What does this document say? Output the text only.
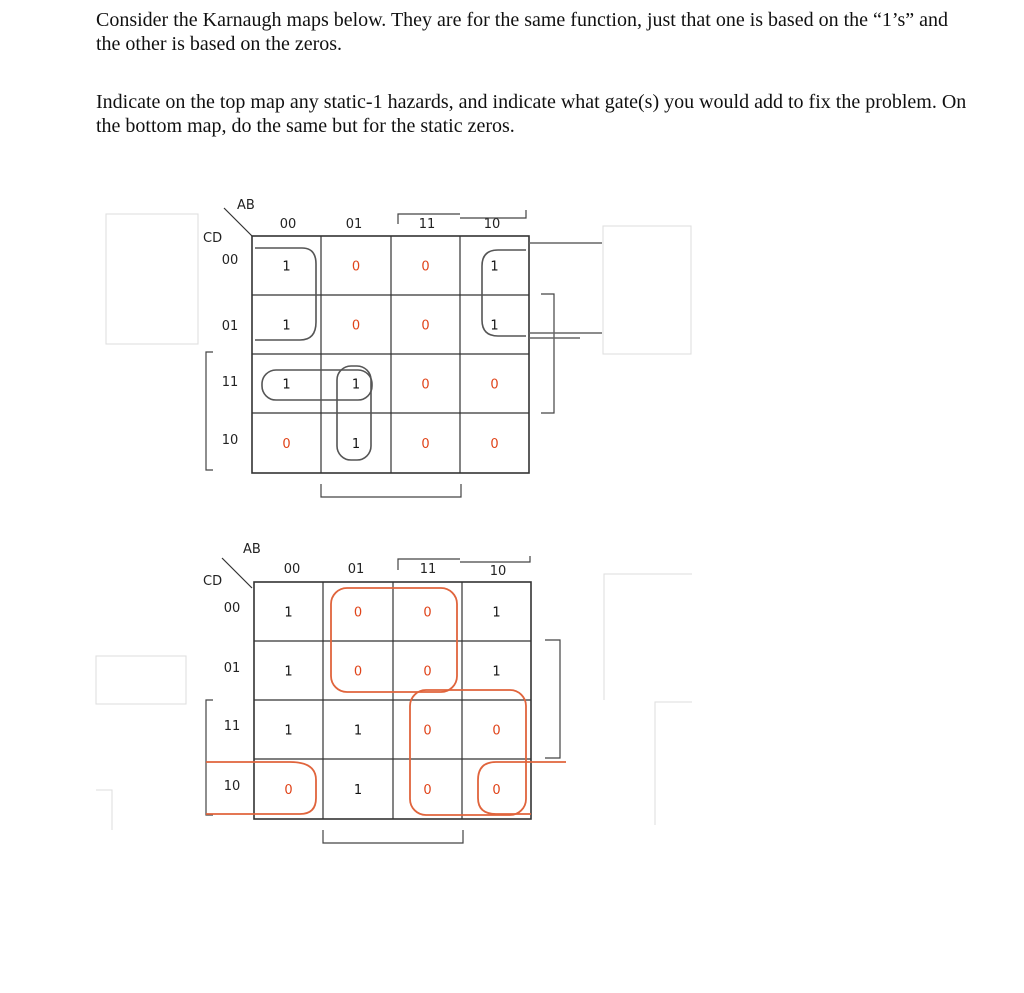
Consider the Karnaugh maps below. They are for the same function, just that one is based on the “1’s” and the other is based on the zeros.

Indicate on the top map any static-1 hazards, and indicate what gate(s) you would add to fix the problem. On the bottom map, do the same but for the static zeros.

AB
CD
00	01	11	10
00
01
11
10
1	0	0	1
1	0	0	1
1	1	0	0
0	1	0	0
AB
CD
00	01	11	10
00
01
11
10
1	0	0	1
1	0	0	1
1	1	0	0
0	1	0	0
